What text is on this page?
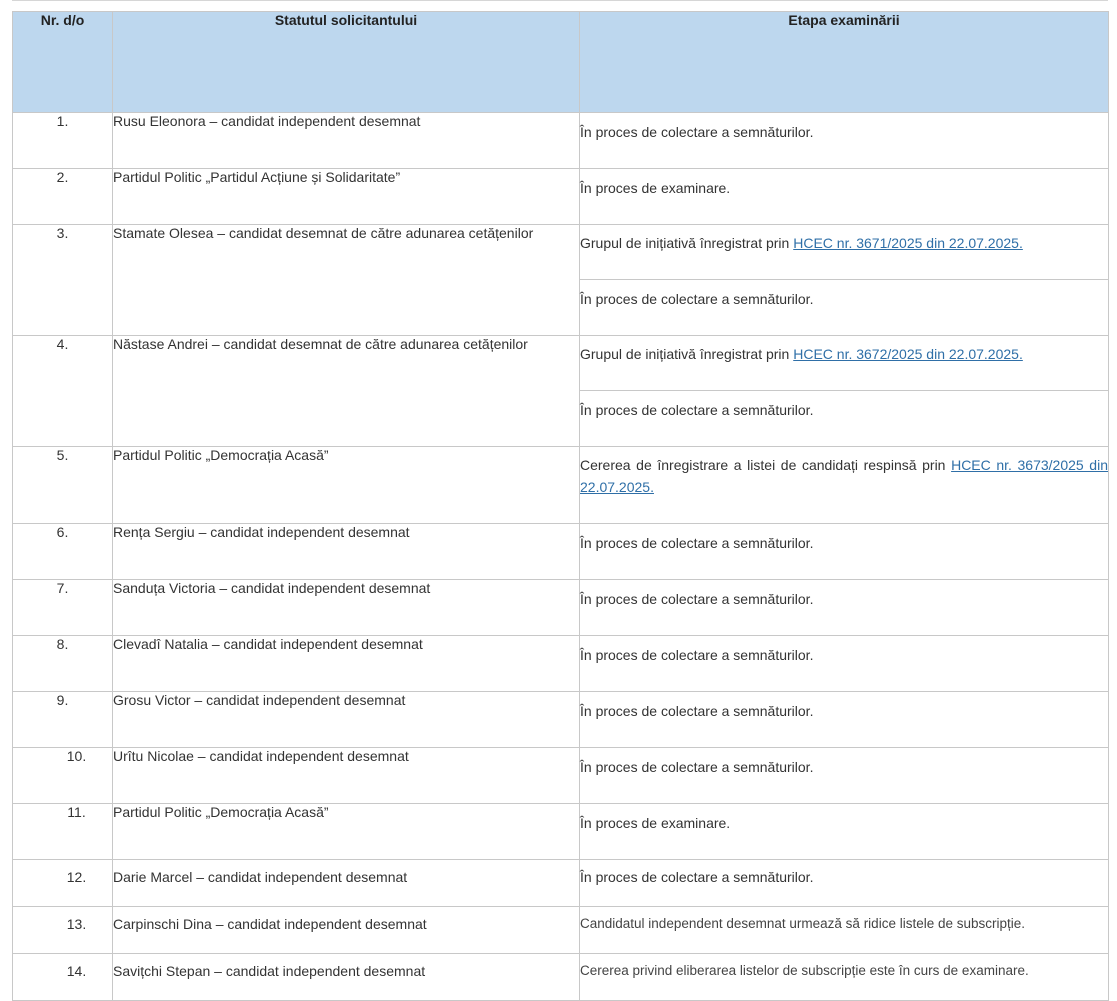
Nr. d/o	Statutul solicitantului	Etapa examinării
1.	Rusu Eleonora – candidat independent desemnat	În proces de colectare a semnăturilor.
2.	Partidul Politic „Partidul Acțiune și Solidaritate”	În proces de examinare.
3.	Stamate Olesea – candidat desemnat de către adunarea cetățenilor	Grupul de inițiativă înregistrat prin HCEC nr. 3671/2025 din 22.07.2025.
		În proces de colectare a semnăturilor.
4.	Năstase Andrei – candidat desemnat de către adunarea cetățenilor	Grupul de inițiativă înregistrat prin HCEC nr. 3672/2025 din 22.07.2025.
		În proces de colectare a semnăturilor.
5.	Partidul Politic „Democrația Acasă”	Cererea de înregistrare a listei de candidați respinsă prin HCEC nr. 3673/2025 din 22.07.2025.
6.	Rența Sergiu – candidat independent desemnat	În proces de colectare a semnăturilor.
7.	Sanduța Victoria – candidat independent desemnat	În proces de colectare a semnăturilor.
8.	Clevadî Natalia – candidat independent desemnat	În proces de colectare a semnăturilor.
9.	Grosu Victor – candidat independent desemnat	În proces de colectare a semnăturilor.
10.	Urîtu Nicolae – candidat independent desemnat	În proces de colectare a semnăturilor.
11.	Partidul Politic „Democrația Acasă”	În proces de examinare.
12.	Darie Marcel – candidat independent desemnat	În proces de colectare a semnăturilor.
13.	Carpinschi Dina – candidat independent desemnat	Candidatul independent desemnat urmează să ridice listele de subscripție.
14.	Savițchi Stepan – candidat independent desemnat	Cererea privind eliberarea listelor de subscripție este în curs de examinare.
